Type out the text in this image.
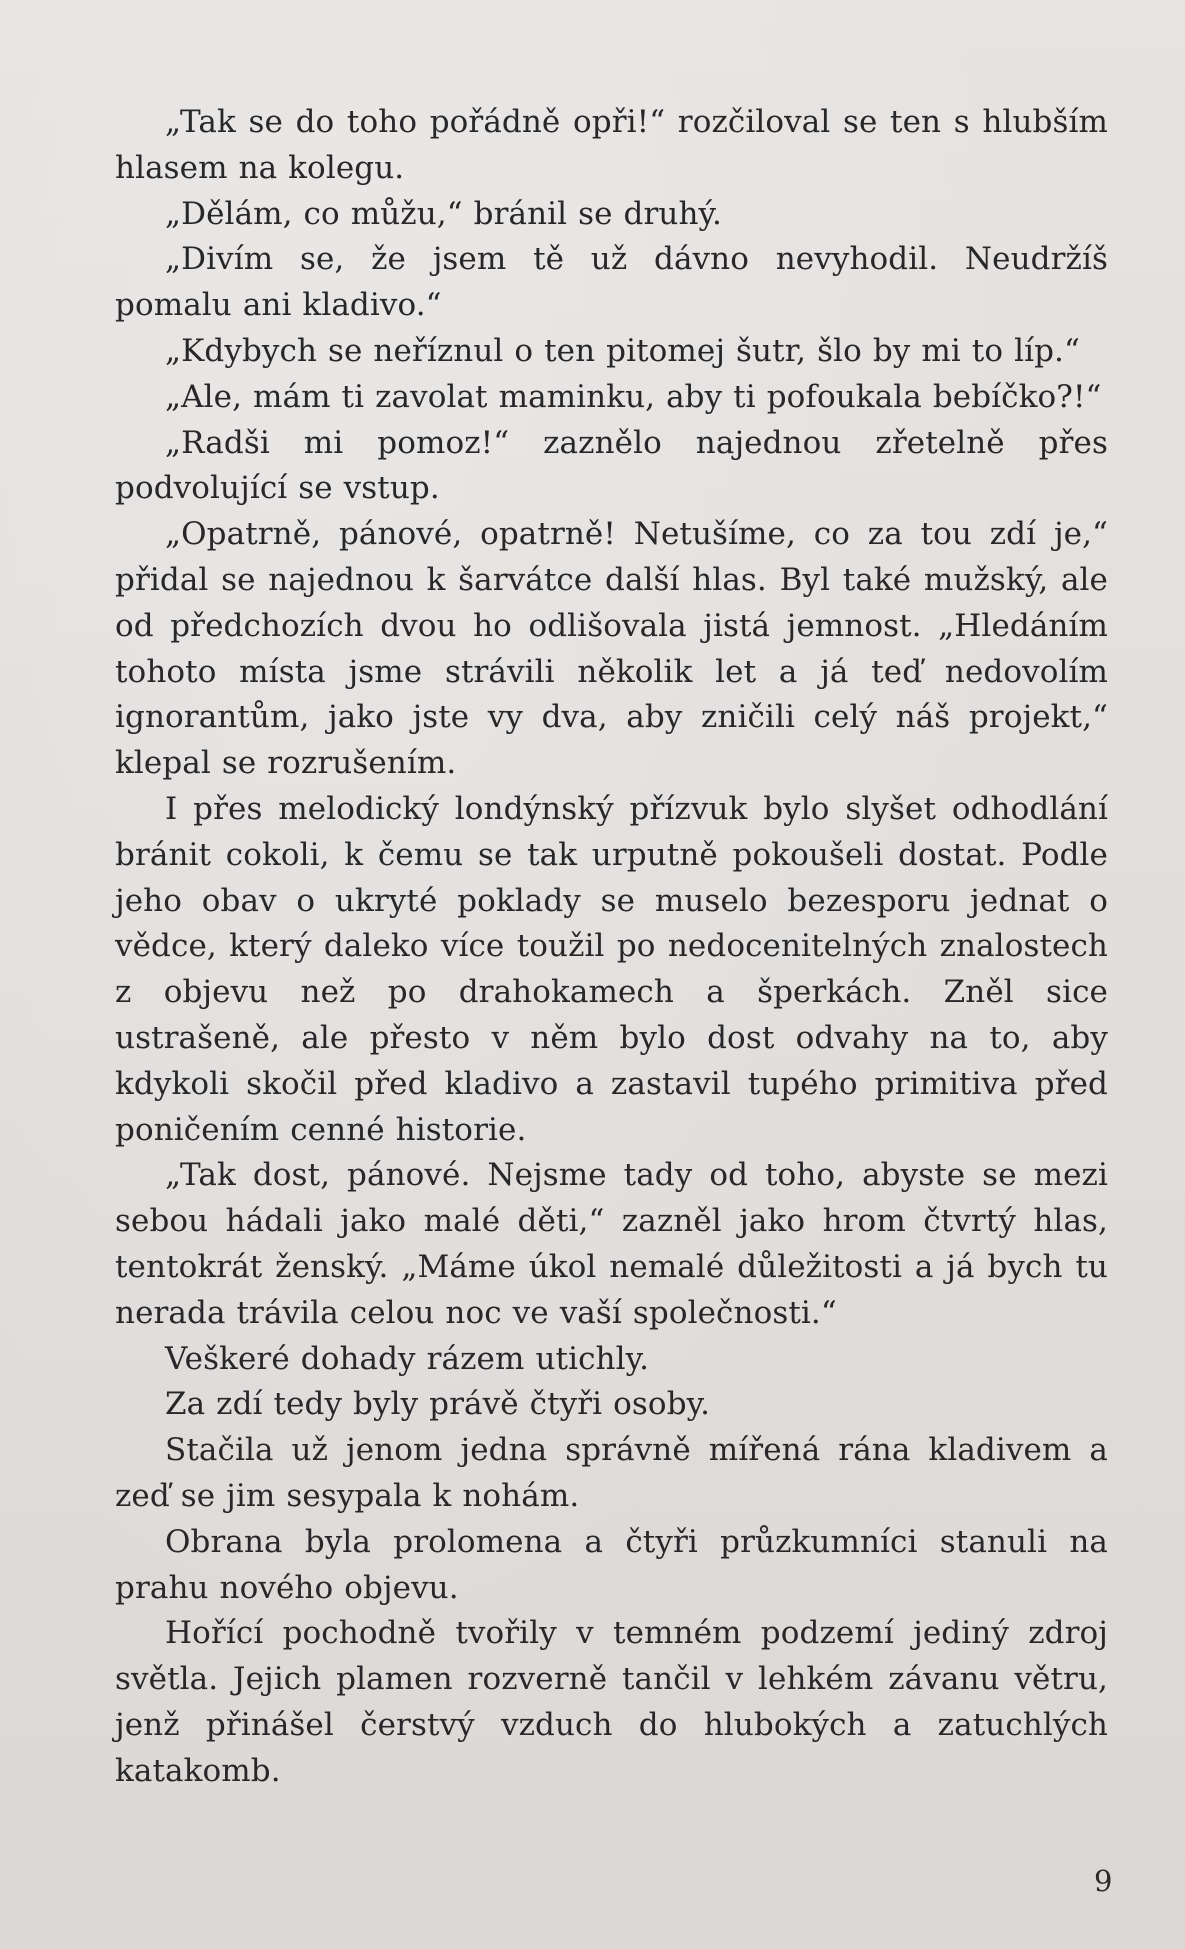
„Tak se do toho pořádně opři!“ rozčiloval se ten s hlubším hlasem na kolegu.

„Dělám, co můžu,“ bránil se druhý.

„Divím se, že jsem tě už dávno nevyhodil. Neudržíš pomalu ani kladivo.“

„Kdybych se neříznul o ten pitomej šutr, šlo by mi to líp.“

„Ale, mám ti zavolat maminku, aby ti pofoukala bebíčko?!“

„Radši mi pomoz!“ zaznělo najednou zřetelně přes podvolující se vstup.

„Opatrně, pánové, opatrně! Netušíme, co za tou zdí je,“ přidal se najednou k šarvátce další hlas. Byl také mužský, ale od předchozích dvou ho odlišovala jistá jemnost. „Hledáním tohoto místa jsme strávili několik let a já teď nedovolím ignorantům, jako jste vy dva, aby zničili celý náš projekt,“ klepal se rozrušením.

I přes melodický londýnský přízvuk bylo slyšet odhodlání bránit cokoli, k čemu se tak urputně pokoušeli dostat. Podle jeho obav o ukryté poklady se muselo bezesporu jednat o vědce, který daleko více toužil po nedocenitelných znalostech z objevu než po drahokamech a šperkách. Zněl sice ustrašeně, ale přesto v něm bylo dost odvahy na to, aby kdykoli skočil před kladivo a zastavil tupého primitiva před poničením cenné historie.

„Tak dost, pánové. Nejsme tady od toho, abyste se mezi sebou hádali jako malé děti,“ zazněl jako hrom čtvrtý hlas, tentokrát ženský. „Máme úkol nemalé důležitosti a já bych tu nerada trávila celou noc ve vaší společnosti.“

Veškeré dohady rázem utichly.

Za zdí tedy byly právě čtyři osoby.

Stačila už jenom jedna správně mířená rána kladivem a zeď se jim sesypala k nohám.

Obrana byla prolomena a čtyři průzkumníci stanuli na prahu nového objevu.

Hořící pochodně tvořily v temném podzemí jediný zdroj světla. Jejich plamen rozverně tančil v lehkém závanu větru, jenž přinášel čerstvý vzduch do hlubokých a zatuchlých katakomb.

9
